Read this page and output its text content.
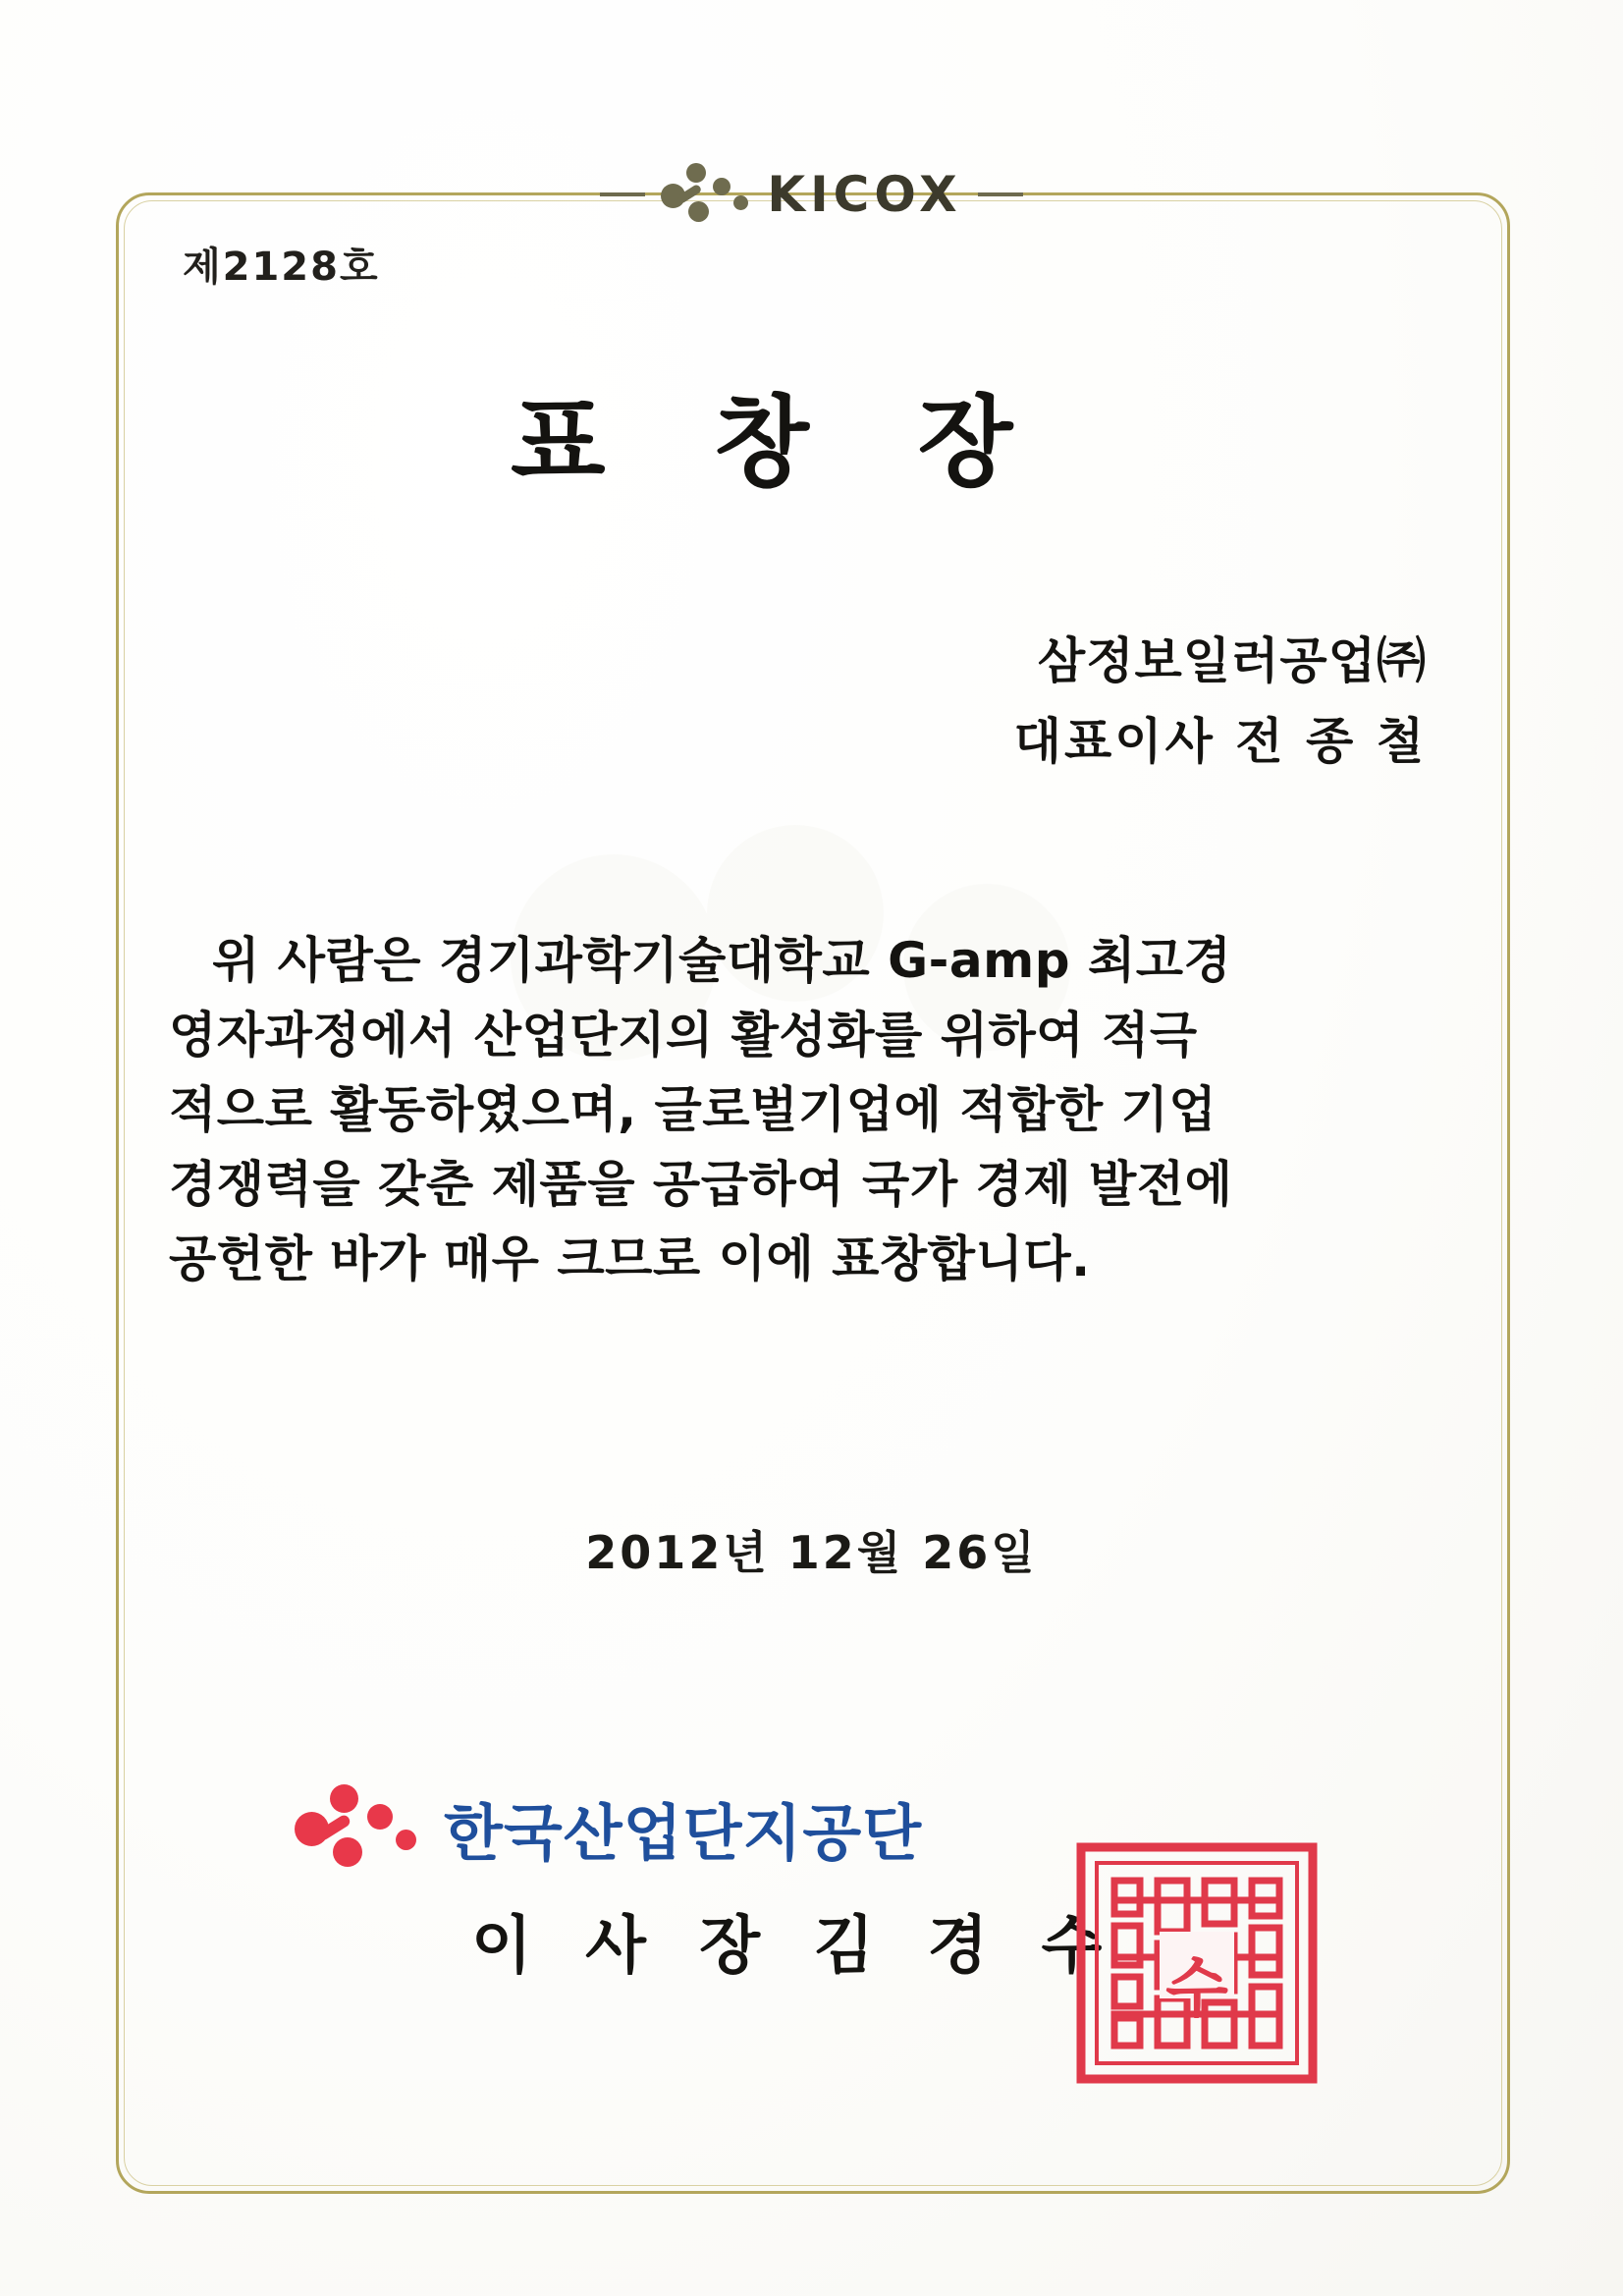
KICOX
제2128호
표 창 장
삼정보일러공업㈜
대표이사 전 종 철
위 사람은 경기과학기술대학교 G-amp 최고경
영자과정에서 산업단지의 활성화를 위하여 적극
적으로 활동하였으며, 글로벌기업에 적합한 기업
경쟁력을 갖춘 제품을 공급하여 국가 경제 발전에
공헌한 바가 매우 크므로 이에 표창합니다.
2012년 12월 26일
한국산업단지공단
이 사 장 김 경 수
수
